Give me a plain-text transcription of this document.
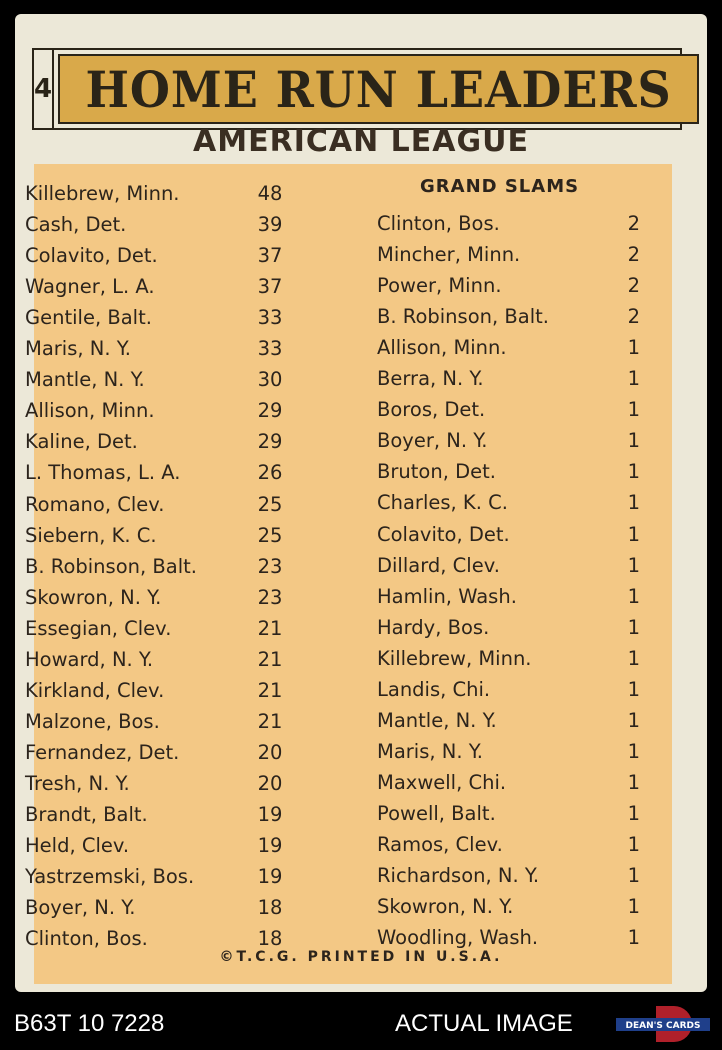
4 HOME RUN LEADERS
AMERICAN LEAGUE
GRAND SLAMS
©T.C.G. PRINTED IN U.S.A.
Killebrew, Minn.	48
Cash, Det.	39
Colavito, Det.	37
Wagner, L. A.	37
Gentile, Balt.	33
Maris, N. Y.	33
Mantle, N. Y.	30
Allison, Minn.	29
Kaline, Det.	29
L. Thomas, L. A.	26
Romano, Clev.	25
Siebern, K. C.	25
B. Robinson, Balt.	23
Skowron, N. Y.	23
Essegian, Clev.	21
Howard, N. Y.	21
Kirkland, Clev.	21
Malzone, Bos.	21
Fernandez, Det.	20
Tresh, N. Y.	20
Brandt, Balt.	19
Held, Clev.	19
Yastrzemski, Bos.	19
Boyer, N. Y.	18
Clinton, Bos.	18
Clinton, Bos.	2
Mincher, Minn.	2
Power, Minn.	2
B. Robinson, Balt.	2
Allison, Minn.	1
Berra, N. Y.	1
Boros, Det.	1
Boyer, N. Y.	1
Bruton, Det.	1
Charles, K. C.	1
Colavito, Det.	1
Dillard, Clev.	1
Hamlin, Wash.	1
Hardy, Bos.	1
Killebrew, Minn.	1
Landis, Chi.	1
Mantle, N. Y.	1
Maris, N. Y.	1
Maxwell, Chi.	1
Powell, Balt.	1
Ramos, Clev.	1
Richardson, N. Y.	1
Skowron, N. Y.	1
Woodling, Wash.	1
B63T 10 7228	ACTUAL IMAGE	DEAN'S CARDS
